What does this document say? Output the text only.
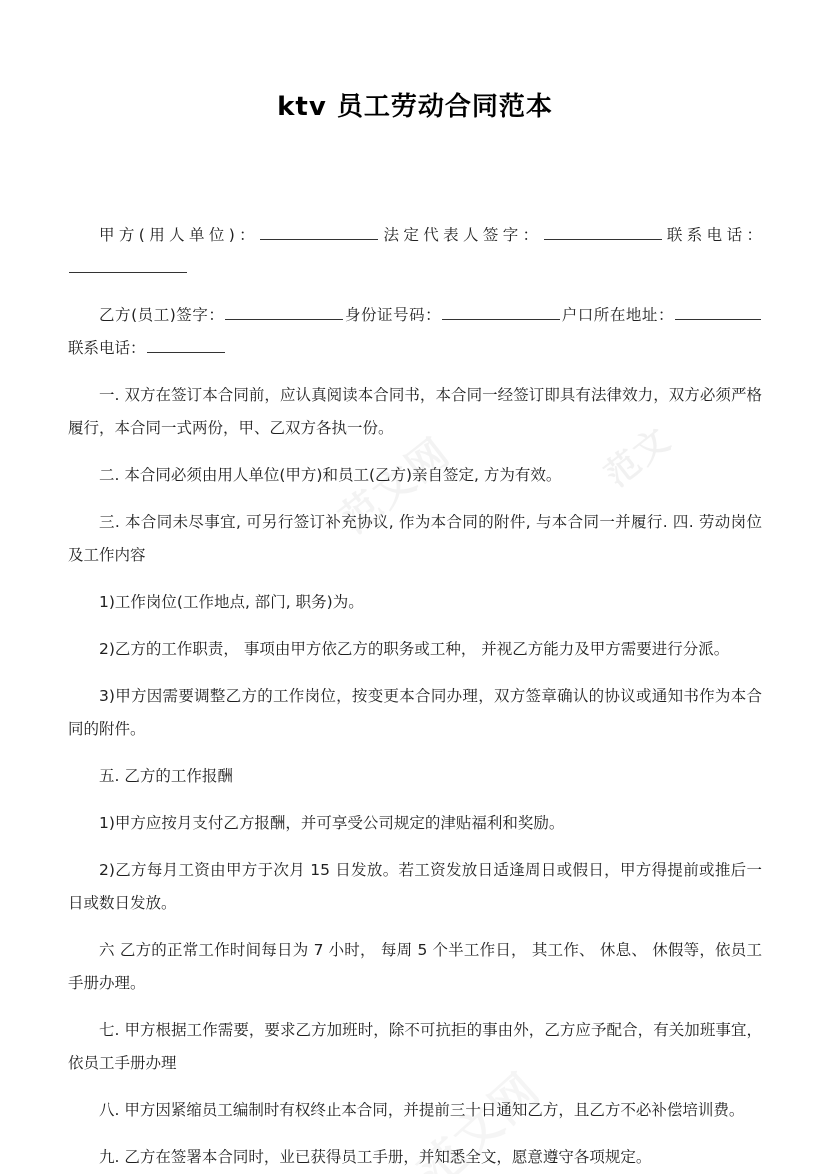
范文
ktv 员工劳动合同范本

甲方(用人单位)：	法定代表人签字：	联系电话：

乙方(员工)签字：	身份证号码：	户口所在地址：联系电话：

一. 双方在签订本合同前，应认真阅读本合同书，本合同一经签订即具有法律效力，双方必须严格履行，本合同一式两份，甲、乙双方各执一份。

二. 本合同必须由用人单位(甲方)和员工(乙方)亲自签定, 方为有效。

三. 本合同未尽事宜, 可另行签订补充协议, 作为本合同的附件, 与本合同一并履行. 四. 劳动岗位及工作内容

1)工作岗位(工作地点, 部门, 职务)为。

2)乙方的工作职责， 事项由甲方依乙方的职务或工种， 并视乙方能力及甲方需要进行分派。

3)甲方因需要调整乙方的工作岗位，按变更本合同办理，双方签章确认的协议或通知书作为本合同的附件。

五. 乙方的工作报酬

1)甲方应按月支付乙方报酬，并可享受公司规定的津贴福利和奖励。

2)乙方每月工资由甲方于次月 15 日发放。若工资发放日适逢周日或假日，甲方得提前或推后一日或数日发放。

六 乙方的正常工作时间每日为 7 小时， 每周 5 个半工作日， 其工作、 休息、 休假等，依员工手册办理。

七. 甲方根据工作需要，要求乙方加班时，除不可抗拒的事由外，乙方应予配合，有关加班事宜，依员工手册办理

八. 甲方因紧缩员工编制时有权终止本合同，并提前三十日通知乙方，且乙方不必补偿培训费。

九. 乙方在签署本合同时，业已获得员工手册，并知悉全文，愿意遵守各项规定。
